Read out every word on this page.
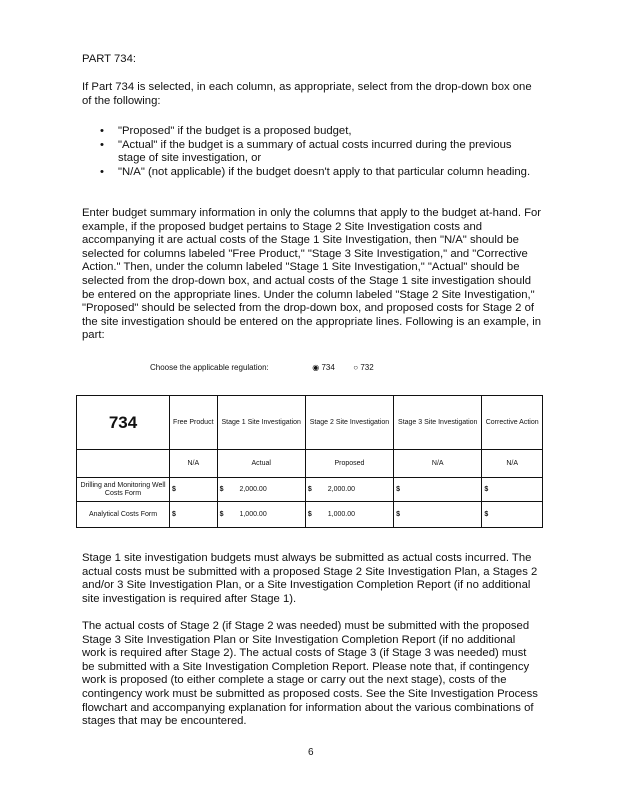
PART 734:

If Part 734 is selected, in each column, as appropriate, select from the drop-down box one of the following:

• "Proposed" if the budget is a proposed budget,
• "Actual" if the budget is a summary of actual costs incurred during the previous stage of site investigation, or
• "N/A" (not applicable) if the budget doesn't apply to that particular column heading.

Enter budget summary information in only the columns that apply to the budget at-hand. For example, if the proposed budget pertains to Stage 2 Site Investigation costs and accompanying it are actual costs of the Stage 1 Site Investigation, then "N/A" should be selected for columns labeled "Free Product," "Stage 3 Site Investigation," and "Corrective Action." Then, under the column labeled "Stage 1 Site Investigation," "Actual" should be selected from the drop-down box, and actual costs of the Stage 1 site investigation should be entered on the appropriate lines. Under the column labeled "Stage 2 Site Investigation," "Proposed" should be selected from the drop-down box, and proposed costs for Stage 2 of the site investigation should be entered on the appropriate lines. Following is an example, in part:

Choose the applicable regulation:	◉ 734 ○ 732
734	Free Product	Stage 1 Site Investigation	Stage 2 Site Investigation	Stage 3 Site Investigation	Corrective Action
	N/A	Actual	Proposed	N/A	N/A
Drilling and Monitoring Well Costs Form	$	$ 2,000.00	$ 2,000.00	$	$
Analytical Costs Form	$	$ 1,000.00	$ 1,000.00	$	$

Stage 1 site investigation budgets must always be submitted as actual costs incurred. The actual costs must be submitted with a proposed Stage 2 Site Investigation Plan, a Stages 2 and/or 3 Site Investigation Plan, or a Site Investigation Completion Report (if no additional site investigation is required after Stage 1).

The actual costs of Stage 2 (if Stage 2 was needed) must be submitted with the proposed Stage 3 Site Investigation Plan or Site Investigation Completion Report (if no additional work is required after Stage 2). The actual costs of Stage 3 (if Stage 3 was needed) must be submitted with a Site Investigation Completion Report. Please note that, if contingency work is proposed (to either complete a stage or carry out the next stage), costs of the contingency work must be submitted as proposed costs. See the Site Investigation Process flowchart and accompanying explanation for information about the various combinations of stages that may be encountered.

6
